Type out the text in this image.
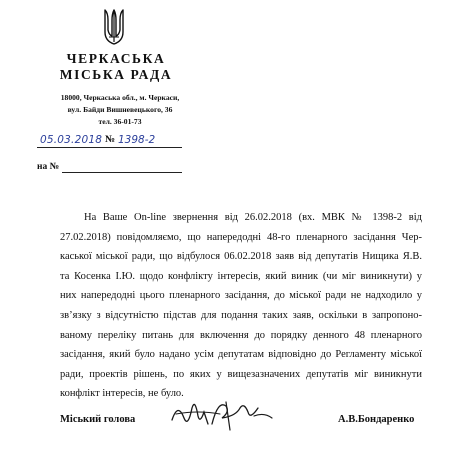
ЧЕРКАСЬКА
МІСЬКА РАДА
18000, Черкаська обл., м. Черкаси,
вул. Байди Вишневецького, 36
тел. 36-01-73
05.03.2018 № 1398-2
на №
На Ваше On-line звернення від 26.02.2018 (вх. МВК № 1398-2 від
27.02.2018) повідомляємо, що напередодні 48-го пленарного засідання Чер-
каської міської ради, що відбулося 06.02.2018 заяв від депутатів Нищика Я.В.
та Косенка І.Ю. щодо конфлікту інтересів, який виник (чи міг виникнути) у
них напередодні цього пленарного засідання, до міської ради не надходило у
зв’язку з відсутністю підстав для подання таких заяв, оскільки в запропоно-
ваному переліку питань для включення до порядку денного 48 пленарного
засідання, який було надано усім депутатам відповідно до Регламенту міської
ради, проектів рішень, по яких у вищезазначених депутатів міг виникнути
конфлікт інтересів, не було.
Міський голова	А.В.Бондаренко
